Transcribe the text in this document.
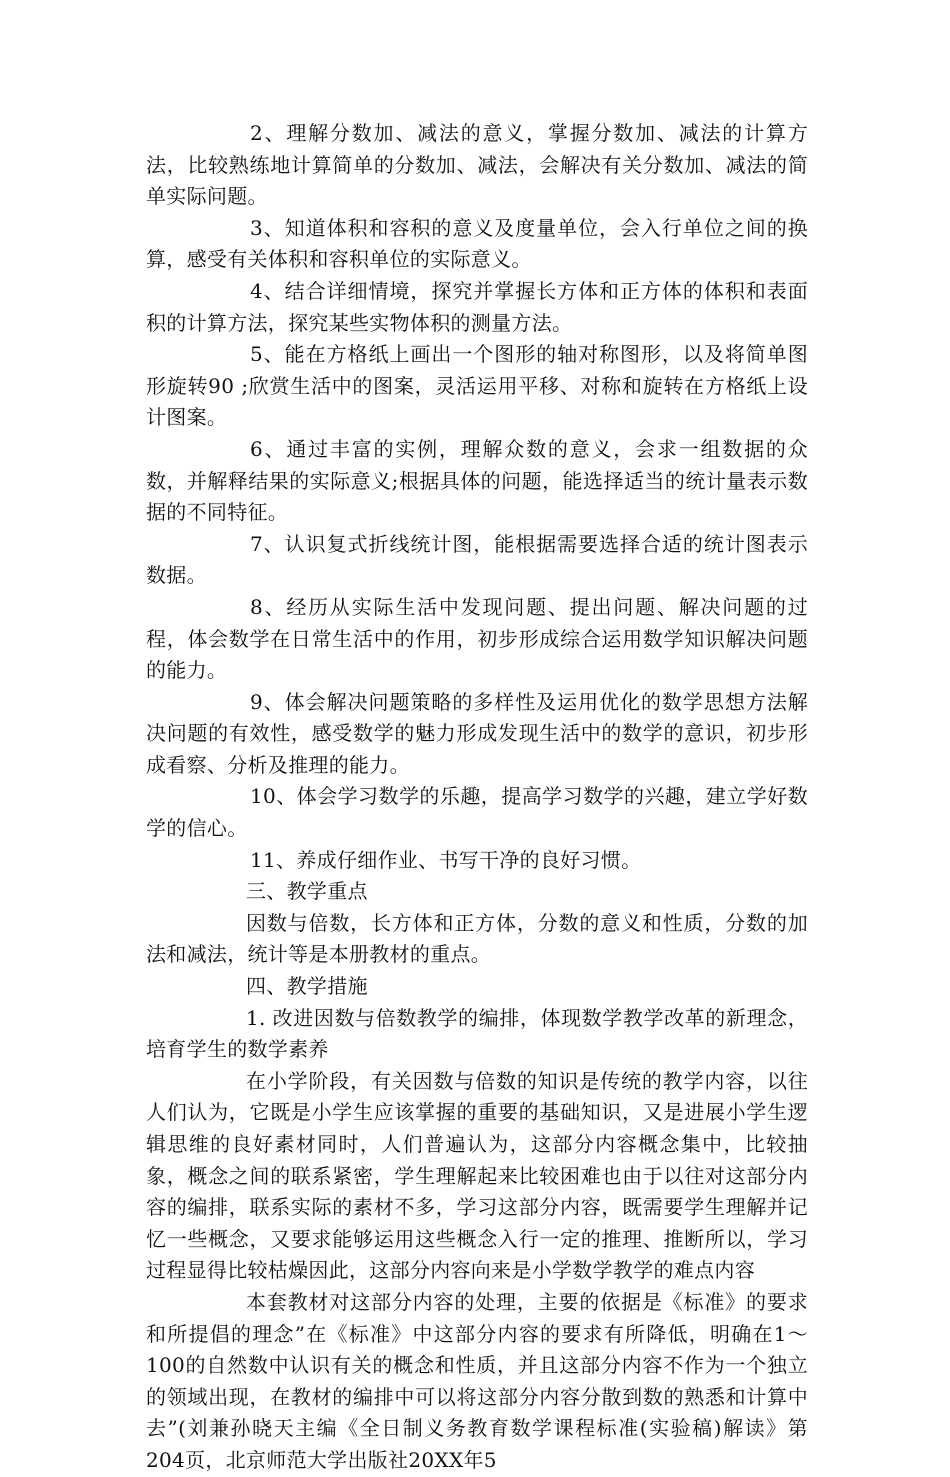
2、理解分数加、减法的意义，掌握分数加、减法的计算方法，比较熟练地计算简单的分数加、减法，会解决有关分数加、减法的简单实际问题。

3、知道体积和容积的意义及度量单位，会入行单位之间的换算，感受有关体积和容积单位的实际意义。

4、结合详细情境，探究并掌握长方体和正方体的体积和表面积的计算方法，探究某些实物体积的测量方法。

5、能在方格纸上画出一个图形的轴对称图形，以及将简单图形旋转90 ;欣赏生活中的图案，灵活运用平移、对称和旋转在方格纸上设计图案。

6、通过丰富的实例，理解众数的意义，会求一组数据的众数，并解释结果的实际意义;根据具体的问题，能选择适当的统计量表示数据的不同特征。

7、认识复式折线统计图，能根据需要选择合适的统计图表示数据。

8、经历从实际生活中发现问题、提出问题、解决问题的过程，体会数学在日常生活中的作用，初步形成综合运用数学知识解决问题的能力。

9、体会解决问题策略的多样性及运用优化的数学思想方法解决问题的有效性，感受数学的魅力形成发现生活中的数学的意识，初步形成看察、分析及推理的能力。

10、体会学习数学的乐趣，提高学习数学的兴趣，建立学好数学的信心。

11、养成仔细作业、书写干净的良好习惯。

三、教学重点

因数与倍数，长方体和正方体，分数的意义和性质，分数的加法和减法，统计等是本册教材的重点。

四、教学措施

1. 改进因数与倍数教学的编排，体现数学教学改革的新理念，培育学生的数学素养

在小学阶段，有关因数与倍数的知识是传统的教学内容，以往人们认为，它既是小学生应该掌握的重要的基础知识，又是进展小学生逻辑思维的良好素材同时，人们普遍认为，这部分内容概念集中，比较抽象，概念之间的联系紧密，学生理解起来比较困难也由于以往对这部分内容的编排，联系实际的素材不多，学习这部分内容，既需要学生理解并记忆一些概念，又要求能够运用这些概念入行一定的推理、推断所以，学习过程显得比较枯燥因此，这部分内容向来是小学数学教学的难点内容

本套教材对这部分内容的处理，主要的依据是《标准》的要求和所提倡的理念”在《标准》中这部分内容的要求有所降低，明确在1～100的自然数中认识有关的概念和性质，并且这部分内容不作为一个独立的领域出现，在教材的编排中可以将这部分内容分散到数的熟悉和计算中去”(刘兼孙晓天主编《全日制义务教育数学课程标准(实验稿)解读》第204页，北京师范大学出版社20XX年5
